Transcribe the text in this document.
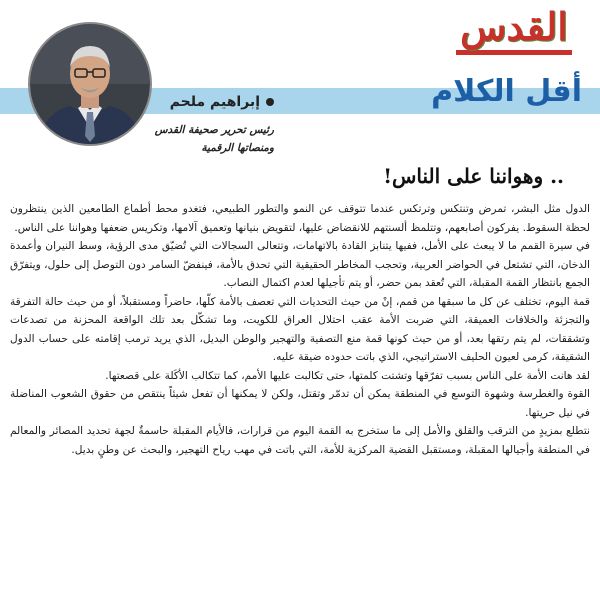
القدس
أقل الكلام

إبراهيم ملحم

رئيس تحرير صحيفة القدس ومنصاتها الرقمية

.. وهواننا على الناس!

الدول مثل البشر، تمرض وتنتكس وترتكس عندما تتوقف عن النمو والتطور الطبيعي، فتغدو محط أطماع الطامعين الذين ينتظرون لحظة السقوط. يفركون أصابعهم، وتتلمظ ألسنتهم للانقضاض عليها، لتقويض بنيانها وتعميق آلامها، وتكريس ضعفها وهواننا على الناس.

في سيرة القمم ما لا يبعث على الأمل، ففيها يتنابز القادة بالاتهامات، وتتعالى السجالات التي تُضيّق مدى الرؤية، وسط النيران وأعمدة الدخان، التي تشتعل في الحواضر العربية، وتحجب المخاطر الحقيقية التي تحدق بالأمة، فينفضّ السامر دون التوصل إلى حلول، ويتفرّق الجمع بانتظار القمة المقبلة، التي تُعقد بمن حضر، أو يتم تأجيلها لعدم اكتمال النصاب.

قمة اليوم، تختلف عن كل ما سبقها من قمم، إنْ من حيث التحديات التي تعصف بالأمة كلّها، حاضراً ومستقبلاً، أو من حيث حالة التفرقة والتجزئة والخلافات العميقة، التي ضربت الأمة عقب احتلال العراق للكويت، وما تشكّل بعد تلك الواقعة المحزنة من تصدعات وتشققات، لم يتم رتقها بعد، أو من حيث كونها قمة منع التصفية والتهجير والوطن البديل، الذي يريد ترمب إقامته على حساب الدول الشقيقة، كرمى لعيون الحليف الاستراتيجي، الذي باتت حدوده ضيقة عليه.

لقد هانت الأمة على الناس بسبب تفرّقها وتشتت كلمتها، حتى تكالبت عليها الأمم، كما تتكالب الأكَلة على قصعتها.

القوة والغطرسة وشهوة التوسع في المنطقة يمكن أن تدمّر وتقتل، ولكن لا يمكنها أن تفعل شيئاً ينتقص من حقوق الشعوب المناضلة في نيل حريتها.

نتطلع بمزيدٍ من الترقب والقلق والأمل إلى ما ستخرج به القمة اليوم من قرارات، فالأيام المقبلة حاسمةٌ لجهة تحديد المصائر والمعالم في المنطقة وأجيالها المقبلة، ومستقبل القضية المركزية للأمة، التي باتت في مهب رياح التهجير، والبحث عن وطنٍ بديل.
